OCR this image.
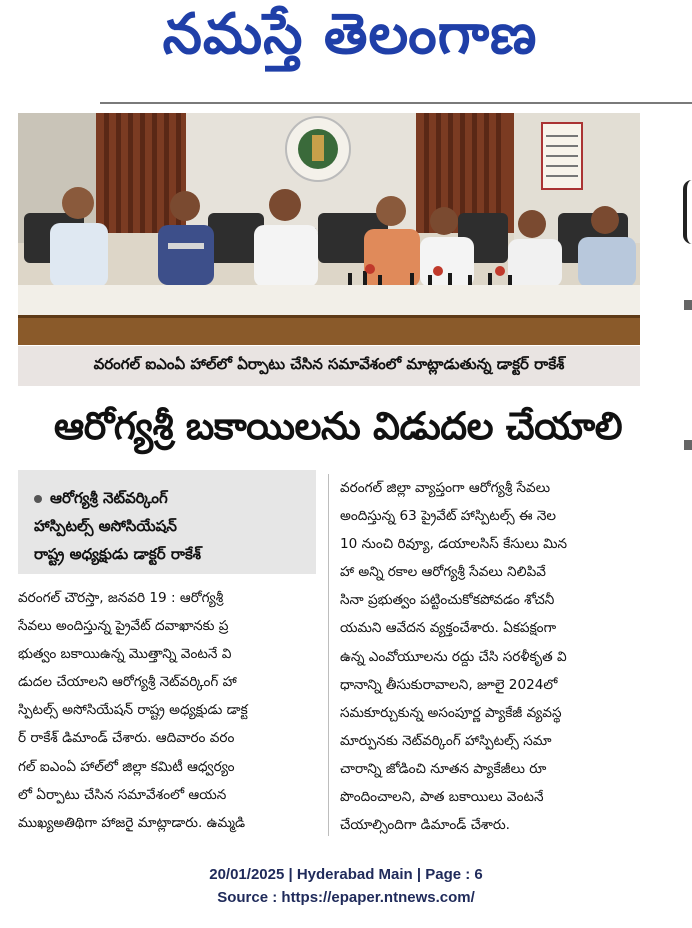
నమస్తే తెలంగాణ
వరంగల్ ఐఎంఏ హాల్‌లో ఏర్పాటు చేసిన సమావేశంలో మాట్లాడుతున్న డాక్టర్ రాకేశ్
ఆరోగ్యశ్రీ బకాయిలను విడుదల చేయాలి

ఆరోగ్యశ్రీ నెట్‌వర్కింగ్

హాస్పిటల్స్ అసోసియేషన్

రాష్ట్ర అధ్యక్షుడు డాక్టర్ రాకేశ్

వరంగల్ చౌరస్తా, జనవరి 19 : ఆరోగ్యశ్రీ

సేవలు అందిస్తున్న ప్రైవేట్ దవాఖానకు ప్ర

భుత్వం బకాయిఉన్న మొత్తాన్ని వెంటనే వి

డుదల చేయాలని ఆరోగ్యశ్రీ నెట్‌వర్కింగ్ హా

స్పిటల్స్ అసోసియేషన్ రాష్ట్ర అధ్యక్షుడు డాక్ట

ర్ రాకేశ్ డిమాండ్ చేశారు. ఆదివారం వరం

గల్ ఐఎంఏ హాల్‌లో జిల్లా కమిటీ ఆధ్వర్యం

లో ఏర్పాటు చేసిన సమావేశంలో ఆయన

ముఖ్యఅతిథిగా హాజరై మాట్లాడారు. ఉమ్మడి

వరంగల్ జిల్లా వ్యాప్తంగా ఆరోగ్యశ్రీ సేవలు

అందిస్తున్న 63 ప్రైవేట్ హాస్పిటల్స్ ఈ నెల

10 నుంచి రివ్యూ, డయాలసిస్ కేసులు మిన

హా అన్ని రకాల ఆరోగ్యశ్రీ సేవలు నిలిపివే

సినా ప్రభుత్వం పట్టించుకోకపోవడం శోచనీ

యమని ఆవేదన వ్యక్తంచేశారు. ఏకపక్షంగా

ఉన్న ఎంవోయూలను రద్దు చేసి సరళీకృత వి

ధానాన్ని తీసుకురావాలని, జూలై 2024లో

సమకూర్చుకున్న అసంపూర్ణ ప్యాకేజీ వ్యవస్థ

మార్పునకు నెట్‌వర్కింగ్ హాస్పిటల్స్ సమా

చారాన్ని జోడించి నూతన ప్యాకేజీలు రూ

పొందించాలని, పాత బకాయిలు వెంటనే

చేయాల్సిందిగా డిమాండ్ చేశారు.

20/01/2025 | Hyderabad Main | Page : 6
Source : https://epaper.ntnews.com/
